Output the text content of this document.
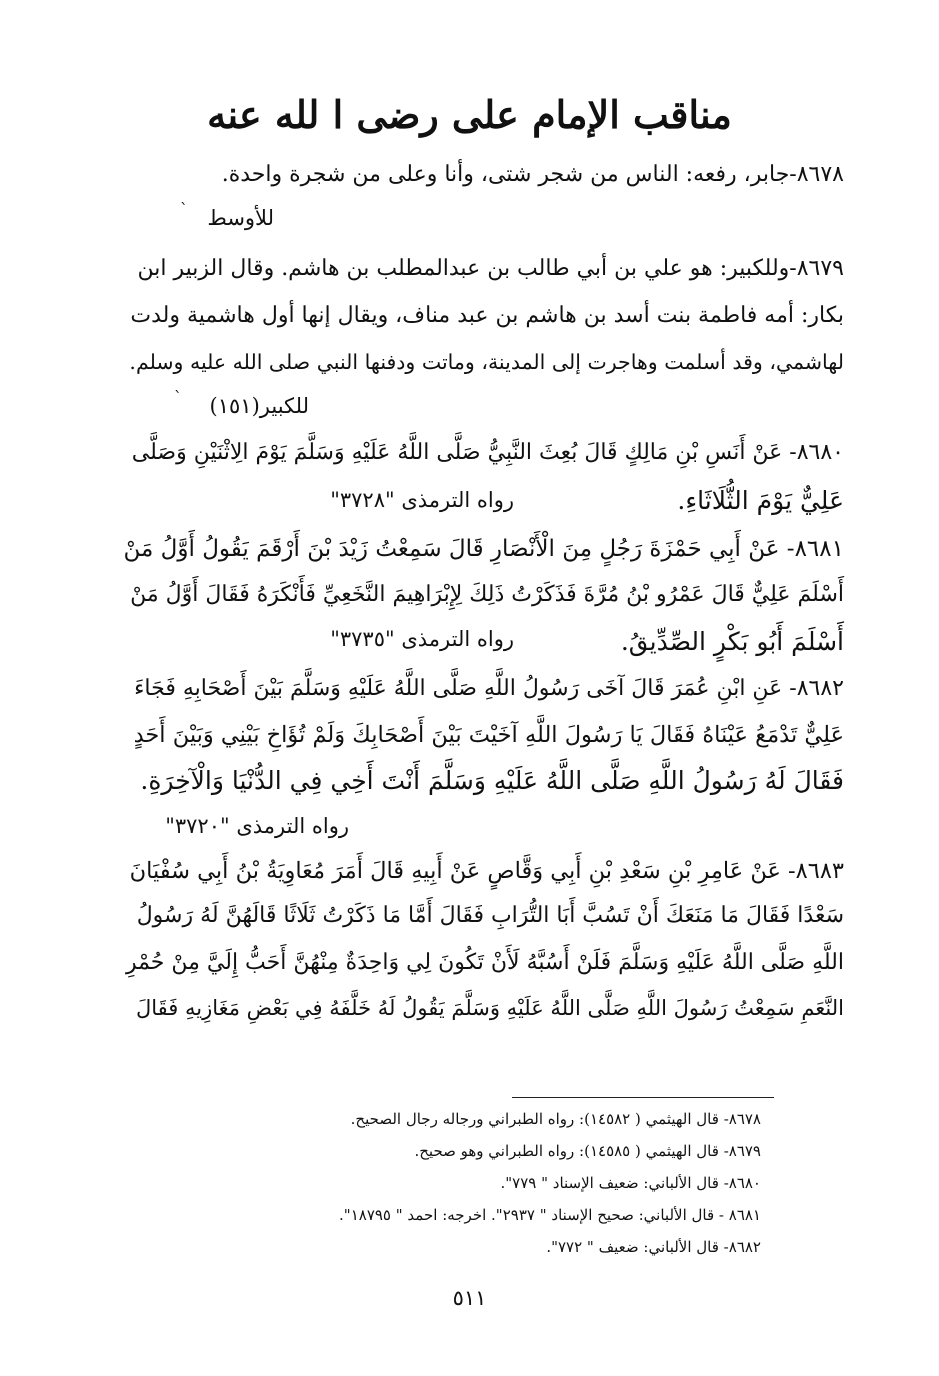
مناقب الإمام على رضى ا لله عنه
٨٦٧٨-جابر، رفعه: الناس من شجر شتى، وأنا وعلى من شجرة واحدة.
للأوسط
ˋ
٨٦٧٩-وللكبير: هو علي بن أبي طالب بن عبدالمطلب بن هاشم. وقال الزبير ابن
بكار: أمه فاطمة بنت أسد بن هاشم بن عبد مناف، ويقال إنها أول هاشمية ولدت
لهاشمي، وقد أسلمت وهاجرت إلى المدينة، وماتت ودفنها النبي صلى الله عليه وسلم.
للكبير(١٥١)
ˋ
٨٦٨٠- عَنْ أَنَسِ بْنِ مَالِكٍ قَالَ بُعِثَ النَّبِيُّ صَلَّى اللَّهُ عَلَيْهِ وَسَلَّمَ يَوْمَ الِاثْنَيْنِ وَصَلَّى
عَلِيٌّ يَوْمَ الثُّلَاثَاءِ.
رواه الترمذى "٣٧٢٨"
٨٦٨١- عَنْ أَبِي حَمْزَةَ رَجُلٍ مِنَ الْأَنْصَارِ قَالَ سَمِعْتُ زَيْدَ بْنَ أَرْقَمَ يَقُولُ أَوَّلُ مَنْ
أَسْلَمَ عَلِيٌّ قَالَ عَمْرُو بْنُ مُرَّةَ فَذَكَرْتُ ذَلِكَ لِإِبْرَاهِيمَ النَّخَعِيِّ فَأَنْكَرَهُ فَقَالَ أَوَّلُ مَنْ
أَسْلَمَ أَبُو بَكْرٍ الصِّدِّيقُ.
رواه الترمذى "٣٧٣٥"
٨٦٨٢- عَنِ ابْنِ عُمَرَ قَالَ آخَى رَسُولُ اللَّهِ صَلَّى اللَّهُ عَلَيْهِ وَسَلَّمَ بَيْنَ أَصْحَابِهِ فَجَاءَ
عَلِيٌّ تَدْمَعُ عَيْنَاهُ فَقَالَ يَا رَسُولَ اللَّهِ آخَيْتَ بَيْنَ أَصْحَابِكَ وَلَمْ تُؤَاخِ بَيْنِي وَبَيْنَ أَحَدٍ
فَقَالَ لَهُ رَسُولُ اللَّهِ صَلَّى اللَّهُ عَلَيْهِ وَسَلَّمَ أَنْتَ أَخِي فِي الدُّنْيَا وَالْآخِرَةِ.
رواه الترمذى "٣٧٢٠"
٨٦٨٣- عَنْ عَامِرِ بْنِ سَعْدِ بْنِ أَبِي وَقَّاصٍ عَنْ أَبِيهِ قَالَ أَمَرَ مُعَاوِيَةُ بْنُ أَبِي سُفْيَانَ
سَعْدًا فَقَالَ مَا مَنَعَكَ أَنْ تَسُبَّ أَبَا التُّرَابِ فَقَالَ أَمَّا مَا ذَكَرْتُ ثَلَاثًا قَالَهُنَّ لَهُ رَسُولُ
اللَّهِ صَلَّى اللَّهُ عَلَيْهِ وَسَلَّمَ فَلَنْ أَسُبَّهُ لَأَنْ تَكُونَ لِي وَاحِدَةٌ مِنْهُنَّ أَحَبُّ إِلَيَّ مِنْ حُمْرِ
النَّعَمِ سَمِعْتُ رَسُولَ اللَّهِ صَلَّى اللَّهُ عَلَيْهِ وَسَلَّمَ يَقُولُ لَهُ خَلَّفَهُ فِي بَعْضِ مَغَازِيهِ فَقَالَ
٨٦٧٨- قال الهيثمي ( ١٤٥٨٢): رواه الطبراني ورجاله رجال الصحيح.
٨٦٧٩- قال الهيثمي ( ١٤٥٨٥): رواه الطبراني وهو صحيح.
٨٦٨٠- قال الألباني: ضعيف الإسناد " ٧٧٩".
٨٦٨١ - قال الألباني: صحيح الإسناد " ٢٩٣٧". اخرجه: احمد " ١٨٧٩٥".
٨٦٨٢- قال الألباني: ضعيف " ٧٧٢".
٥١١
